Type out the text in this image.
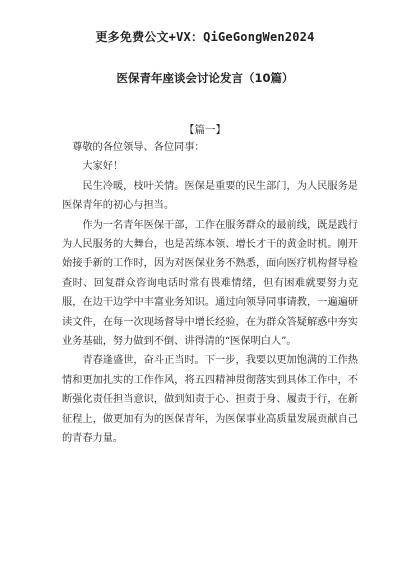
更多免费公文+VX：QiGeGongWen2024
医保青年座谈会讨论发言（10篇）
【篇一】

尊敬的各位领导、各位同事：

大家好！

民生冷暖，枝叶关情。医保是重要的民生部门，为人民服务是医保青年的初心与担当。

作为一名青年医保干部，工作在服务群众的最前线，既是践行为人民服务的大舞台，也是苦练本领、增长才干的黄金时机。刚开始接手新的工作时，因为对医保业务不熟悉，面向医疗机构督导检查时、回复群众咨询电话时常有畏难情绪，但有困难就要努力克服，在边干边学中丰富业务知识。通过向领导同事请教，一遍遍研读文件，在每一次现场督导中增长经验，在为群众答疑解惑中夯实业务基础，努力做到不倒、讲得清的“医保明白人”。

青春逢盛世，奋斗正当时。下一步，我要以更加饱满的工作热情和更加扎实的工作作风，将五四精神贯彻落实到具体工作中，不断强化责任担当意识，做到知责于心、担责于身、履责于行，在新征程上，做更加有为的医保青年，为医保事业高质量发展贡献自己的青春力量。
